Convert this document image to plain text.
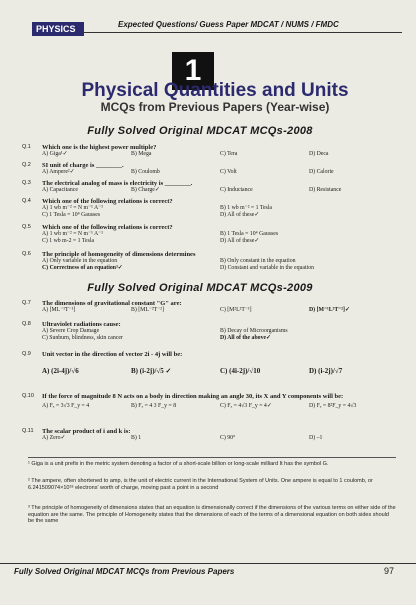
PHYSICS	Expected Questions/ Guess Paper MDCAT / NUMS / FMDC
1
Physical Quantities and Units
MCQs from Previous Papers (Year-wise)
Fully Solved Original MDCAT MCQs-2008
Q.1 Which one is the highest power multiple?
A) Giga¹✓	B) Mega	C) Tera	D) Deca
Q.2 SI unit of charge is ________.
A) Ampere²✓	B) Coulomb	C) Volt	D) Calorie
Q.3 The electrical analog of mass is electricity is ________.
A) Capacitance	B) Charge✓	C) Inductance	D) Resistance
Q.4 Which one of the following relations is correct?
A) 1 wb m⁻² = N m⁻¹ A⁻¹	B) 1 wb m⁻² = 1 Tesla
C) 1 Tesla = 10⁴ Gausses	D) All of these✓
Q.5 Which one of the following relations is correct?
A) 1 wb m⁻² = N m⁻¹ A⁻¹	B) 1 Tesla = 10⁴ Gausses
C) 1 wb m-2 = 1 Tesla	D) All of these✓
Q.6 The principle of homogeneity of dimensions determines
A) Only variable in the equation	B) Only constant in the equation
C) Correctness of an equation³✓	D) Constant and variable in the equation
Fully Solved Original MDCAT MCQs-2009
Q.7 The dimensions of gravitational constant "G" are:
A) [ML⁻¹T⁻¹]	B) [ML⁻²T⁻²]	C) [M²L²T⁻¹]	D) [M⁻¹L³T⁻²]✓
Q.8 Ultraviolet radiations cause:
A) Severe Crop Damage	B) Decay of Microorganisms
C) Sunburn, blindness, skin cancer	D) All of the above✓
Q.9 Unit vector in the direction of vector 2i - 4j will be:
A) (2i-4j)/√6	B) (i-2j)/√5 ✓	C) (4i-2j)/√10	D) (i-2j)/√7
Q.10 If the force of magnitude 8 N acts on a body in direction making an angle 30, its X and Y components will be:
A) Fₓ = 3√3 F_y = 4	B) Fₓ = 4 3 F_y = 8	C) Fₓ = 4√3 F_y = 4✓	D) Fₓ = 8²F_y = 4√3
Q.11 The scalar product of i and k is:
A) Zero✓	B) 1	C) 90°	D) –1
¹ Giga is a unit prefix in the metric system denoting a factor of a short-scale billion or long-scale milliard It has the symbol G.
² The ampere, often shortened to amp, is the unit of electric current in the International System of Units. One ampere is equal to 1 coulomb, or 6.241509074×10¹⁸ electrons' worth of charge, moving past a point in a second
³ The principle of homogeneity of dimensions states that an equation is dimensionally correct if the dimensions of the various terms on either side of the equation are the same. The principle of Homogeneity states that the dimensions of each of the terms of a dimensional equation on both sides should be the same
Fully Solved Original MDCAT MCQs from Previous Papers	97
